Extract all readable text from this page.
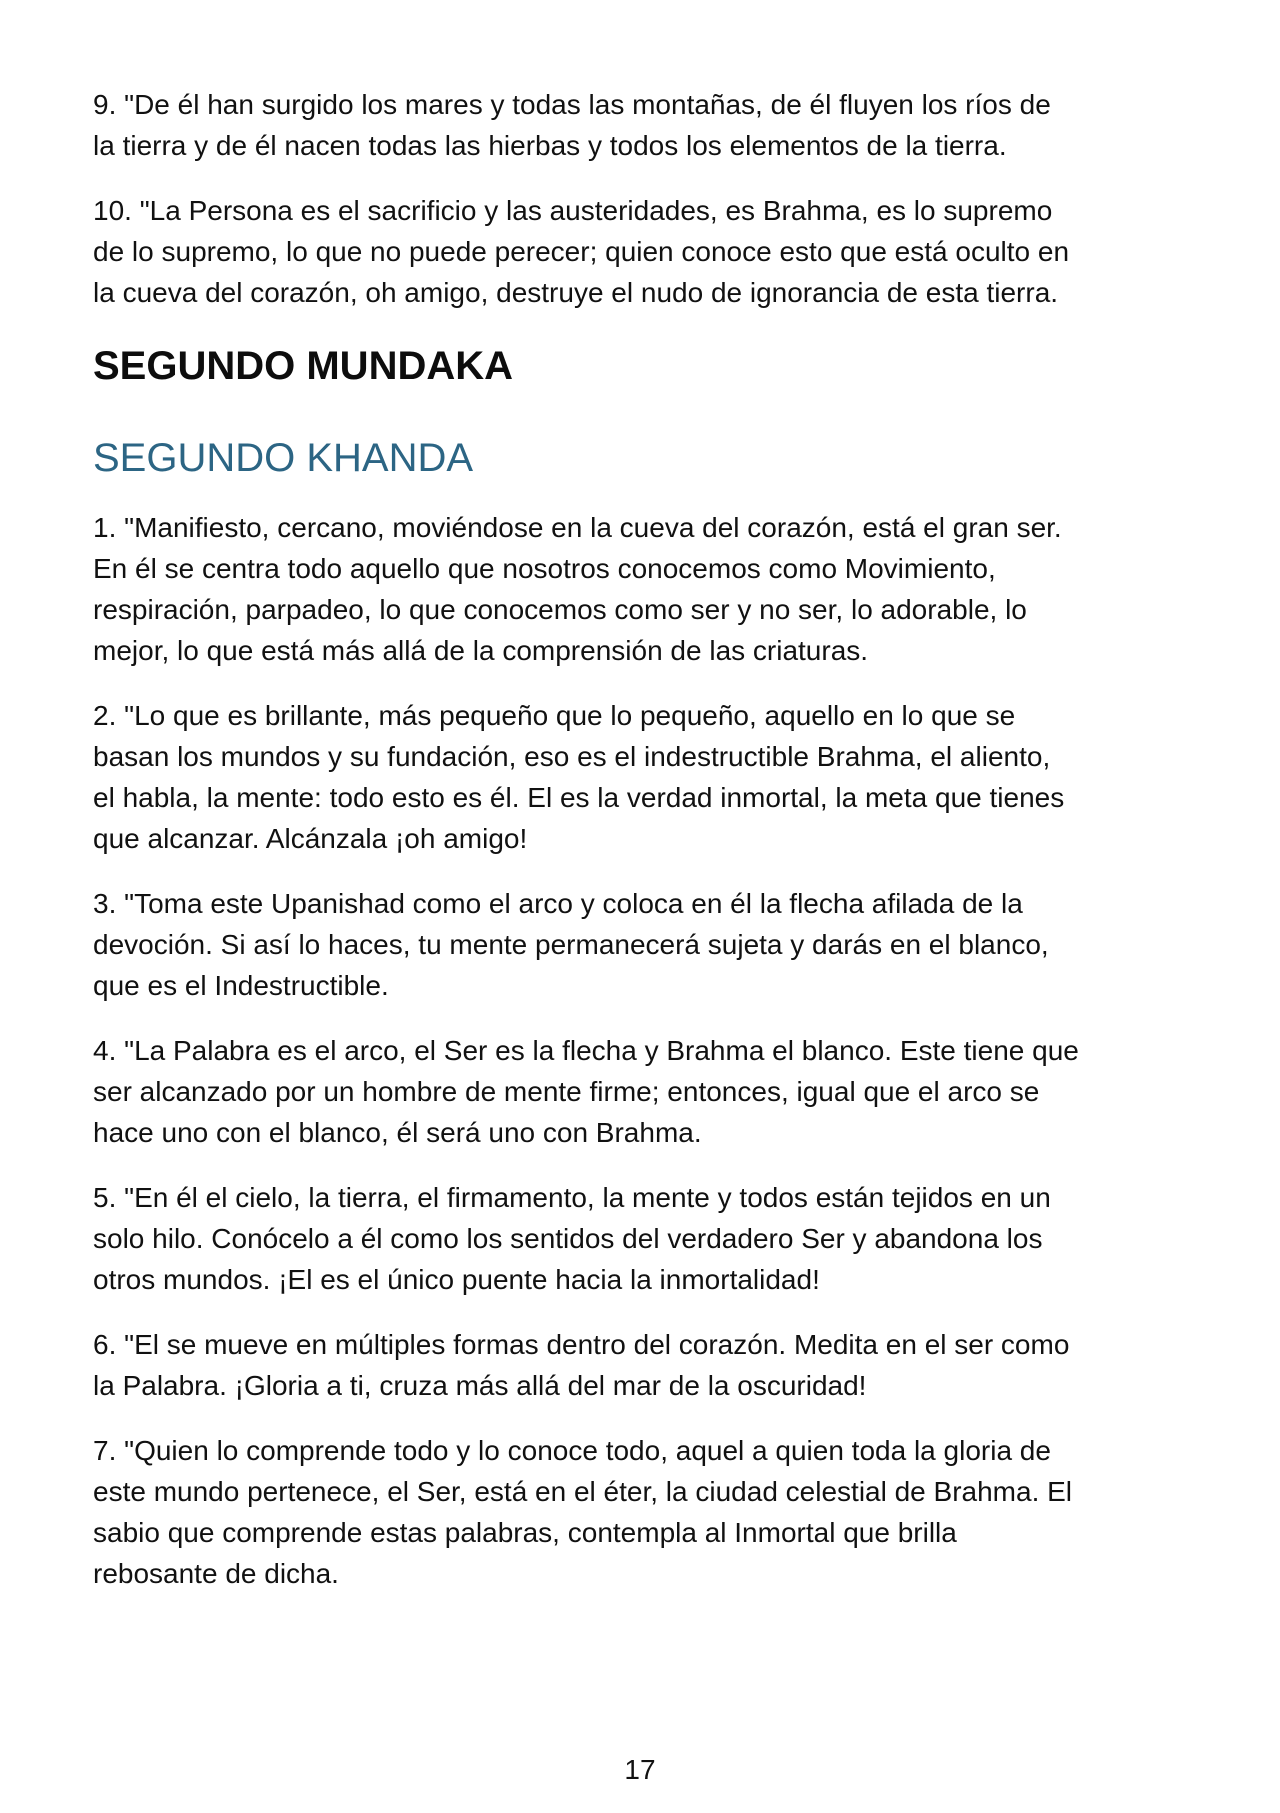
9. "De él han surgido los mares y todas las montañas, de él fluyen los ríos de
la tierra y de él nacen todas las hierbas y todos los elementos de la tierra.

10. "La Persona es el sacrificio y las austeridades, es Brahma, es lo supremo
de lo supremo, lo que no puede perecer; quien conoce esto que está oculto en
la cueva del corazón, oh amigo, destruye el nudo de ignorancia de esta tierra.

SEGUNDO MUNDAKA
SEGUNDO KHANDA

1. "Manifiesto, cercano, moviéndose en la cueva del corazón, está el gran ser.
En él se centra todo aquello que nosotros conocemos como Movimiento,
respiración, parpadeo, lo que conocemos como ser y no ser, lo adorable, lo
mejor, lo que está más allá de la comprensión de las criaturas.

2. "Lo que es brillante, más pequeño que lo pequeño, aquello en lo que se
basan los mundos y su fundación, eso es el indestructible Brahma, el aliento,
el habla, la mente: todo esto es él. El es la verdad inmortal, la meta que tienes
que alcanzar. Alcánzala ¡oh amigo!

3. "Toma este Upanishad como el arco y coloca en él la flecha afilada de la
devoción. Si así lo haces, tu mente permanecerá sujeta y darás en el blanco,
que es el Indestructible.

4. "La Palabra es el arco, el Ser es la flecha y Brahma el blanco. Este tiene que
ser alcanzado por un hombre de mente firme; entonces, igual que el arco se
hace uno con el blanco, él será uno con Brahma.

5. "En él el cielo, la tierra, el firmamento, la mente y todos están tejidos en un
solo hilo. Conócelo a él como los sentidos del verdadero Ser y abandona los
otros mundos. ¡El es el único puente hacia la inmortalidad!

6. "El se mueve en múltiples formas dentro del corazón. Medita en el ser como
la Palabra. ¡Gloria a ti, cruza más allá del mar de la oscuridad!

7. "Quien lo comprende todo y lo conoce todo, aquel a quien toda la gloria de
este mundo pertenece, el Ser, está en el éter, la ciudad celestial de Brahma. El
sabio que comprende estas palabras, contempla al Inmortal que brilla
rebosante de dicha.

17
